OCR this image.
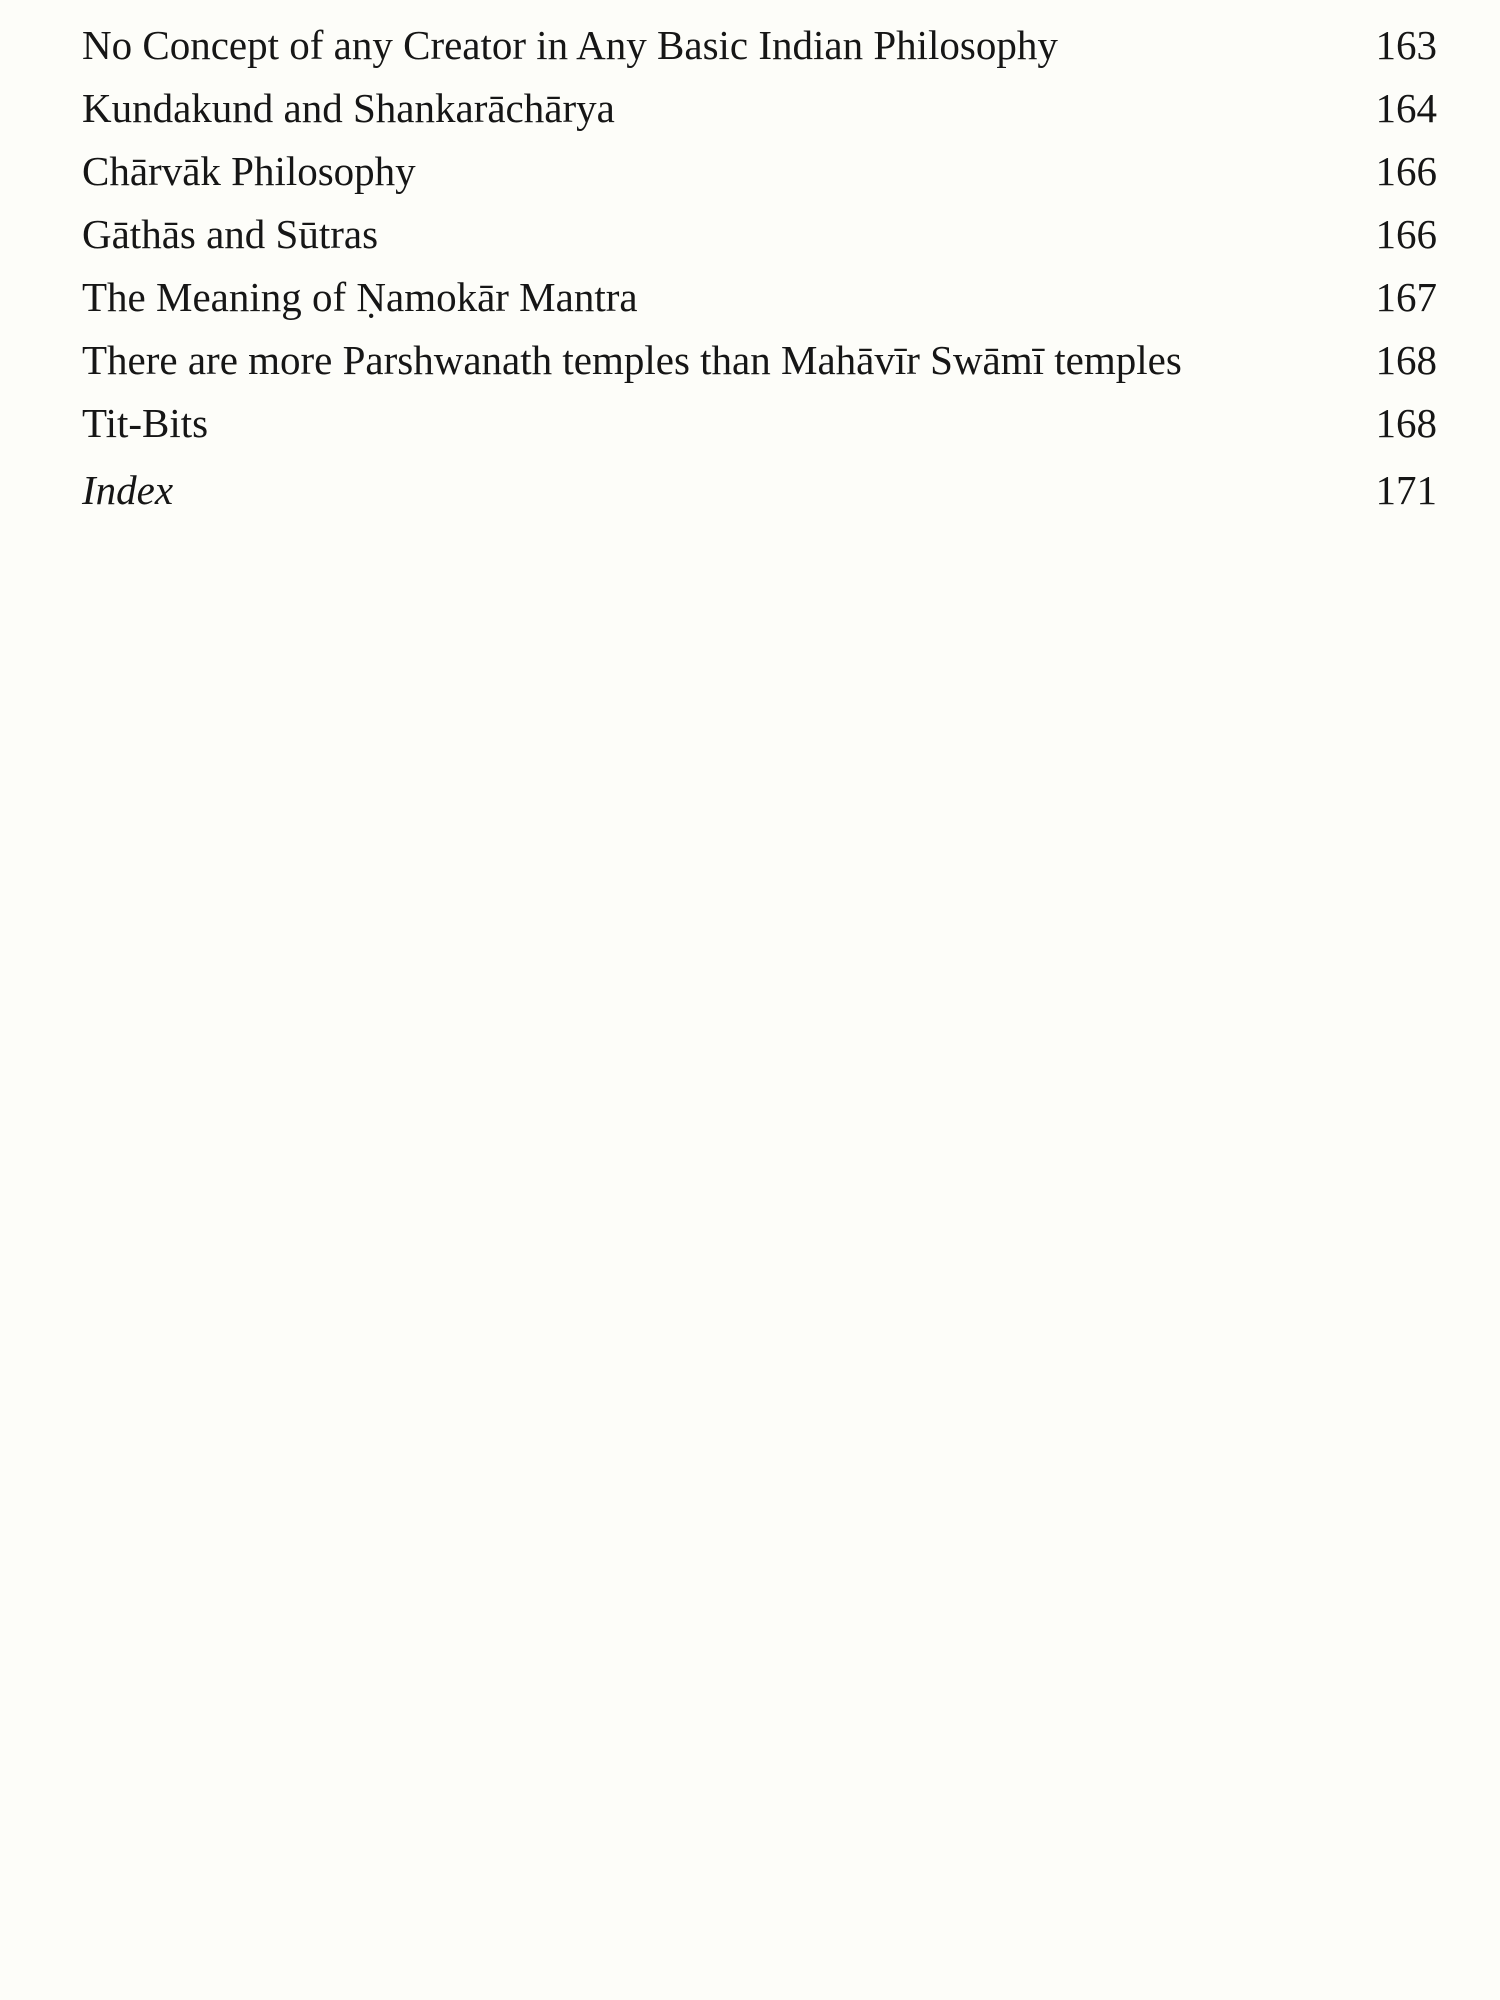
No Concept of any Creator in Any Basic Indian Philosophy	163
Kundakund and Shankarāchārya	164
Chārvāk Philosophy	166
Gāthās and Sūtras	166
The Meaning of Ṇamokār Mantra	167
There are more Parshwanath temples than Mahāvīr Swāmī temples	168
Tit-Bits	168
Index	171
